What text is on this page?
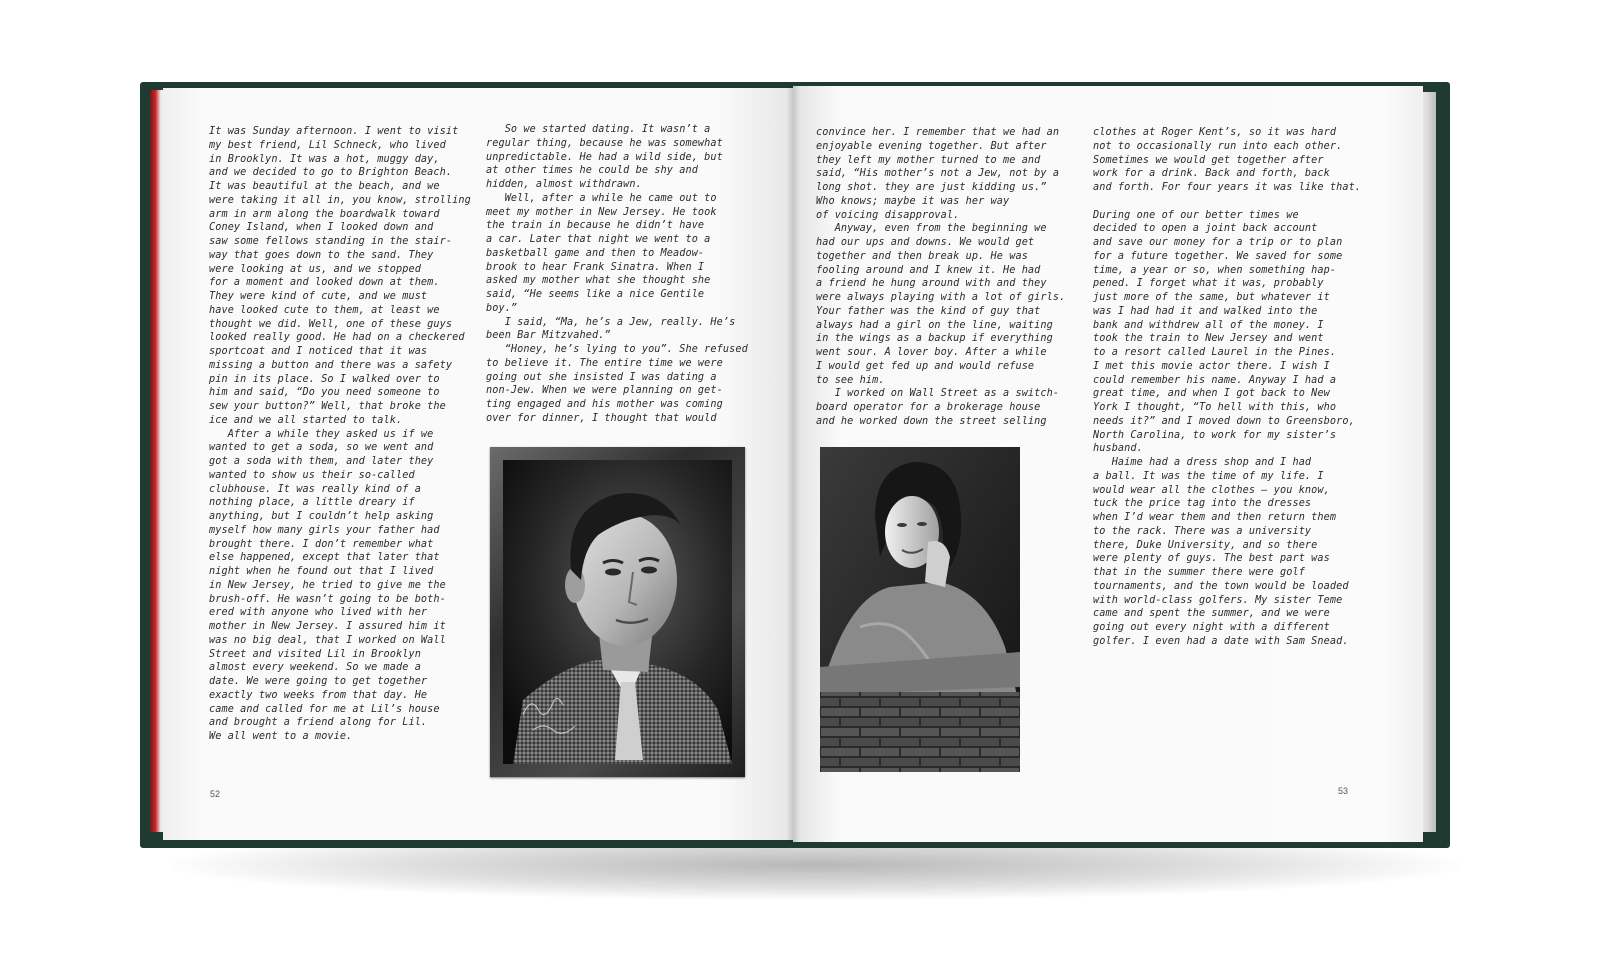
It was Sunday afternoon. I went to visit
my best friend, Lil Schneck, who lived
in Brooklyn. It was a hot, muggy day,
and we decided to go to Brighton Beach.
It was beautiful at the beach, and we
were taking it all in, you know, strolling
arm in arm along the boardwalk toward
Coney Island, when I looked down and
saw some fellows standing in the stair-
way that goes down to the sand. They
were looking at us, and we stopped
for a moment and looked down at them.
They were kind of cute, and we must
have looked cute to them, at least we
thought we did. Well, one of these guys
looked really good. He had on a checkered
sportcoat and I noticed that it was
missing a button and there was a safety
pin in its place. So I walked over to
him and said, “Do you need someone to
sew your button?” Well, that broke the
ice and we all started to talk.
After a while they asked us if we
wanted to get a soda, so we went and
got a soda with them, and later they
wanted to show us their so-called
clubhouse. It was really kind of a
nothing place, a little dreary if
anything, but I couldn’t help asking
myself how many girls your father had
brought there. I don’t remember what
else happened, except that later that
night when he found out that I lived
in New Jersey, he tried to give me the
brush-off. He wasn’t going to be both-
ered with anyone who lived with her
mother in New Jersey. I assured him it
was no big deal, that I worked on Wall
Street and visited Lil in Brooklyn
almost every weekend. So we made a
date. We were going to get together
exactly two weeks from that day. He
came and called for me at Lil’s house
and brought a friend along for Lil.
We all went to a movie.

So we started dating. It wasn’t a
regular thing, because he was somewhat
unpredictable. He had a wild side, but
at other times he could be shy and
hidden, almost withdrawn.
Well, after a while he came out to
meet my mother in New Jersey. He took
the train in because he didn’t have
a car. Later that night we went to a
basketball game and then to Meadow-
brook to hear Frank Sinatra. When I
asked my mother what she thought she
said, “He seems like a nice Gentile
boy.”
I said, “Ma, he’s a Jew, really. He’s
been Bar Mitzvahed.”
“Honey, he’s lying to you”. She refused
to believe it. The entire time we were
going out she insisted I was dating a
non-Jew. When we were planning on get-
ting engaged and his mother was coming
over for dinner, I thought that would

convince her. I remember that we had an
enjoyable evening together. But after
they left my mother turned to me and
said, “His mother’s not a Jew, not by a
long shot. they are just kidding us.”
Who knows; maybe it was her way
of voicing disapproval.
Anyway, even from the beginning we
had our ups and downs. We would get
together and then break up. He was
fooling around and I knew it. He had
a friend he hung around with and they
were always playing with a lot of girls.
Your father was the kind of guy that
always had a girl on the line, waiting
in the wings as a backup if everything
went sour. A lover boy. After a while
I would get fed up and would refuse
to see him.
I worked on Wall Street as a switch-
board operator for a brokerage house
and he worked down the street selling

clothes at Roger Kent’s, so it was hard
not to occasionally run into each other.
Sometimes we would get together after
work for a drink. Back and forth, back
and forth. For four years it was like that.

During one of our better times we
decided to open a joint back account
and save our money for a trip or to plan
for a future together. We saved for some
time, a year or so, when something hap-
pened. I forget what it was, probably
just more of the same, but whatever it
was I had had it and walked into the
bank and withdrew all of the money. I
took the train to New Jersey and went
to a resort called Laurel in the Pines.
I met this movie actor there. I wish I
could remember his name. Anyway I had a
great time, and when I got back to New
York I thought, “To hell with this, who
needs it?” and I moved down to Greensboro,
North Carolina, to work for my sister’s
husband.
Haime had a dress shop and I had
a ball. It was the time of my life. I
would wear all the clothes — you know,
tuck the price tag into the dresses
when I’d wear them and then return them
to the rack. There was a university
there, Duke University, and so there
were plenty of guys. The best part was
that in the summer there were golf
tournaments, and the town would be loaded
with world-class golfers. My sister Teme
came and spent the summer, and we were
going out every night with a different
golfer. I even had a date with Sam Snead.

52	53
